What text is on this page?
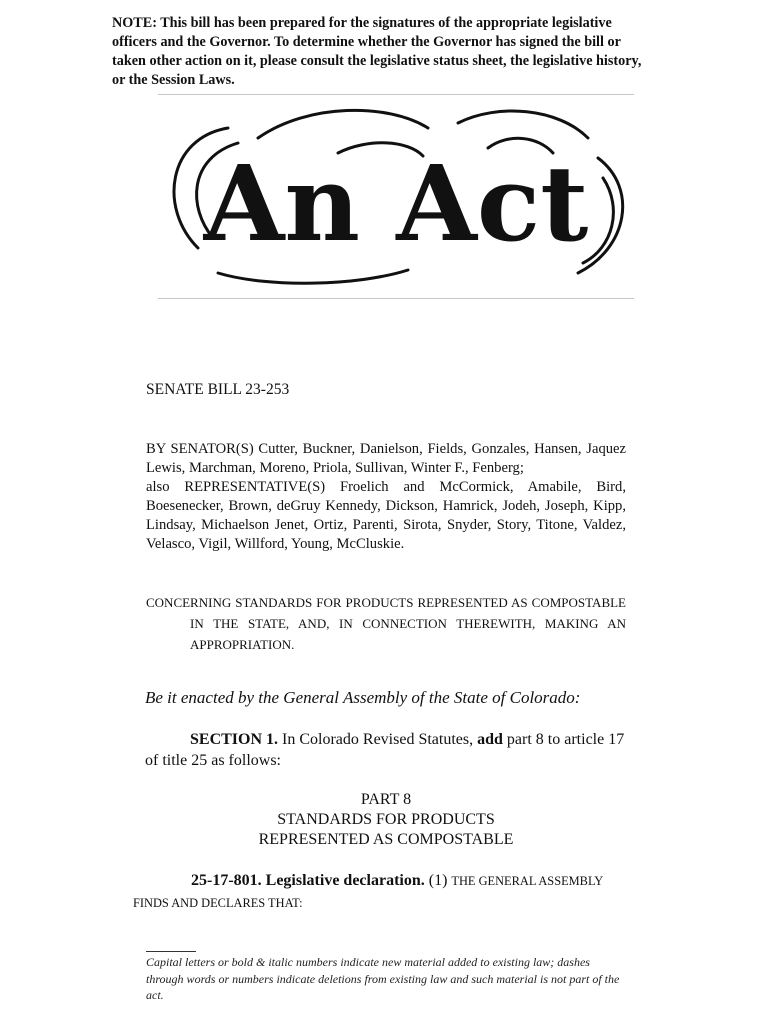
NOTE: This bill has been prepared for the signatures of the appropriate legislative officers and the Governor. To determine whether the Governor has signed the bill or taken other action on it, please consult the legislative status sheet, the legislative history, or the Session Laws.

An Act

SENATE BILL 23-253

BY SENATOR(S) Cutter, Buckner, Danielson, Fields, Gonzales, Hansen, Jaquez Lewis, Marchman, Moreno, Priola, Sullivan, Winter F., Fenberg;
also REPRESENTATIVE(S) Froelich and McCormick, Amabile, Bird, Boesenecker, Brown, deGruy Kennedy, Dickson, Hamrick, Jodeh, Joseph, Kipp, Lindsay, Michaelson Jenet, Ortiz, Parenti, Sirota, Snyder, Story, Titone, Valdez, Velasco, Vigil, Willford, Young, McCluskie.

CONCERNING STANDARDS FOR PRODUCTS REPRESENTED AS COMPOSTABLE
IN THE STATE, AND, IN CONNECTION THEREWITH, MAKING AN
APPROPRIATION.

Be it enacted by the General Assembly of the State of Colorado:

SECTION 1. In Colorado Revised Statutes, add part 8 to article 17
of title 25 as follows:

PART 8
STANDARDS FOR PRODUCTS
REPRESENTED AS COMPOSTABLE

25-17-801. Legislative declaration. (1) THE GENERAL ASSEMBLY
FINDS AND DECLARES THAT:

Capital letters or bold & italic numbers indicate new material added to existing law; dashes through words or numbers indicate deletions from existing law and such material is not part of the act.
